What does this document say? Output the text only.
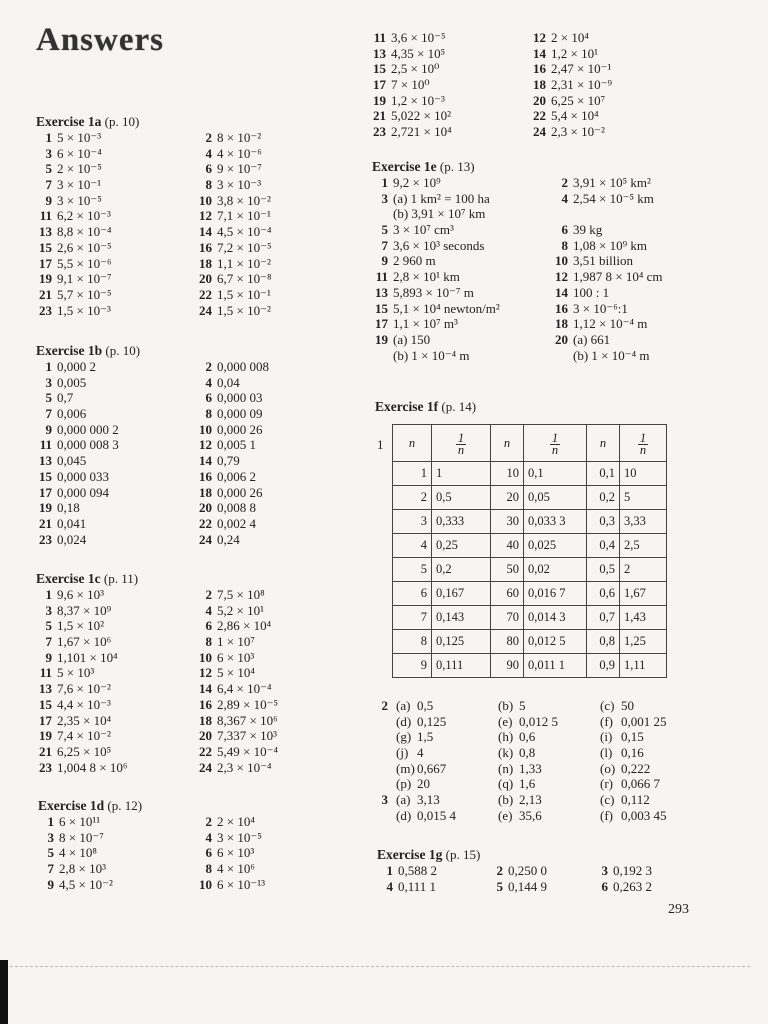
Answers
Exercise 1a (p. 10)
1 5 × 10⁻³	2 8 × 10⁻²
3 6 × 10⁻⁴	4 4 × 10⁻⁶
5 2 × 10⁻⁵	6 9 × 10⁻⁷
7 3 × 10⁻¹	8 3 × 10⁻³
9 3 × 10⁻⁵	10 3,8 × 10⁻²
11 6,2 × 10⁻³	12 7,1 × 10⁻¹
13 8,8 × 10⁻⁴	14 4,5 × 10⁻⁴
15 2,6 × 10⁻⁵	16 7,2 × 10⁻⁵
17 5,5 × 10⁻⁶	18 1,1 × 10⁻²
19 9,1 × 10⁻⁷	20 6,7 × 10⁻⁸
21 5,7 × 10⁻⁵	22 1,5 × 10⁻¹
23 1,5 × 10⁻³	24 1,5 × 10⁻²
Exercise 1b (p. 10)
1 0,000 2	2 0,000 008
3 0,005	4 0,04
5 0,7	6 0,000 03
7 0,006	8 0,000 09
9 0,000 000 2	10 0,000 26
11 0,000 008 3	12 0,005 1
13 0,045	14 0,79
15 0,000 033	16 0,006 2
17 0,000 094	18 0,000 26
19 0,18	20 0,008 8
21 0,041	22 0,002 4
23 0,024	24 0,24
Exercise 1c (p. 11)
1 9,6 × 10³	2 7,5 × 10⁸
3 8,37 × 10⁹	4 5,2 × 10¹
5 1,5 × 10²	6 2,86 × 10⁴
7 1,67 × 10⁶	8 1 × 10⁷
9 1,101 × 10⁴	10 6 × 10³
11 5 × 10³	12 5 × 10⁴
13 7,6 × 10⁻²	14 6,4 × 10⁻⁴
15 4,4 × 10⁻³	16 2,89 × 10⁻⁵
17 2,35 × 10⁴	18 8,367 × 10⁶
19 7,4 × 10⁻²	20 7,337 × 10³
21 6,25 × 10⁵	22 5,49 × 10⁻⁴
23 1,004 8 × 10⁶	24 2,3 × 10⁻⁴
Exercise 1d (p. 12)
1 6 × 10¹¹	2 2 × 10⁴
3 8 × 10⁻⁷	4 3 × 10⁻⁵
5 4 × 10⁸	6 6 × 10³
7 2,8 × 10³	8 4 × 10⁶
9 4,5 × 10⁻²	10 6 × 10⁻¹³
11 3,6 × 10⁻⁵	12 2 × 10⁴
13 4,35 × 10⁵	14 1,2 × 10¹
15 2,5 × 10⁰	16 2,47 × 10⁻¹
17 7 × 10⁰	18 2,31 × 10⁻⁹
19 1,2 × 10⁻³	20 6,25 × 10⁷
21 5,022 × 10²	22 5,4 × 10⁴
23 2,721 × 10⁴	24 2,3 × 10⁻²
Exercise 1e (p. 13)
1 9,2 × 10⁹	2 3,91 × 10⁵ km²
3 (a) 1 km² = 100 ha	4 2,54 × 10⁻⁵ km
(b) 3,91 × 10⁷ km
5 3 × 10⁷ cm³	6 39 kg
7 3,6 × 10³ seconds	8 1,08 × 10⁹ km
9 2 960 m	10 3,51 billion
11 2,8 × 10¹ km	12 1,987 8 × 10⁴ cm
13 5,893 × 10⁻⁷ m	14 100 : 1
15 5,1 × 10⁴ newton/m²	16 3 × 10⁻⁶:1
17 1,1 × 10⁷ m³	18 1,12 × 10⁻⁴ m
19 (a) 150	20 (a) 661
(b) 1 × 10⁻⁴ m	(b) 1 × 10⁻⁴ m
Exercise 1f (p. 14)
1 n	$\frac{1}{n}$	n	$\frac{1}{n}$	n	$\frac{1}{n}$

1	1	10	0,1	0,1	10
2	0,5	20	0,05	0,2	5
3	0,333	30	0,033 3	0,3	3,33
4	0,25	40	0,025	0,4	2,5
5	0,2	50	0,02	0,5	2
6	0,167	60	0,016 7	0,6	1,67
7	0,143	70	0,014 3	0,7	1,43
8	0,125	80	0,012 5	0,8	1,25
9	0,111	90	0,011 1	0,9	1,11
2 (a) 0,5	(b) 5	(c) 50
(d) 0,125	(e) 0,012 5	(f) 0,001 25
(g) 1,5	(h) 0,6	(i) 0,15
(j) 4	(k) 0,8	(l) 0,16
(m) 0,667	(n) 1,33	(o) 0,222
(p) 20	(q) 1,6	(r) 0,066 7
3 (a) 3,13	(b) 2,13	(c) 0,112
(d) 0,015 4	(e) 35,6	(f) 0,003 45
Exercise 1g (p. 15)
1 0,588 2	2 0,250 0	3 0,192 3
4 0,111 1	5 0,144 9	6 0,263 2
293
